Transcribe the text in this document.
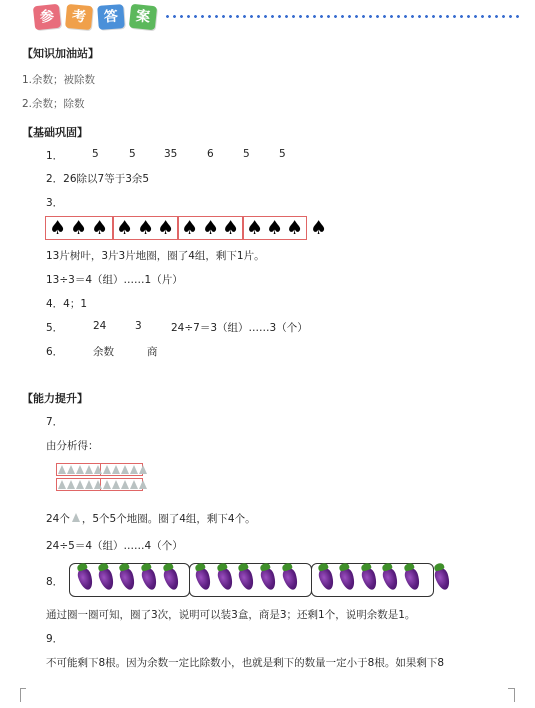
参	考	答	案
【知识加油站】
1.余数；被除数
2.余数；除数
【基础巩固】
1．	5	5	35	6	5	5
2．26除以7等于3余5
3．
♠ ♠ ♠ ♠ ♠ ♠ ♠ ♠ ♠ ♠ ♠ ♠ ♠
13片树叶，3片3片地圈，圈了4组，剩下1片。
13÷3＝4（组）……1（片）
4．4；1
5．	24	3	24÷7＝3（组）……3（个）
6．	余数	商
【能力提升】
7．
由分析得：
24个 ，5个5个地圈。圈了4组，剩下4个。
24÷5＝4（组）……4（个）
8．
通过圈一圈可知，圈了3次，说明可以装3盒，商是3；还剩1个，说明余数是1。
9．
不可能剩下8根。因为余数一定比除数小，也就是剩下的数量一定小于8根。如果剩下8
